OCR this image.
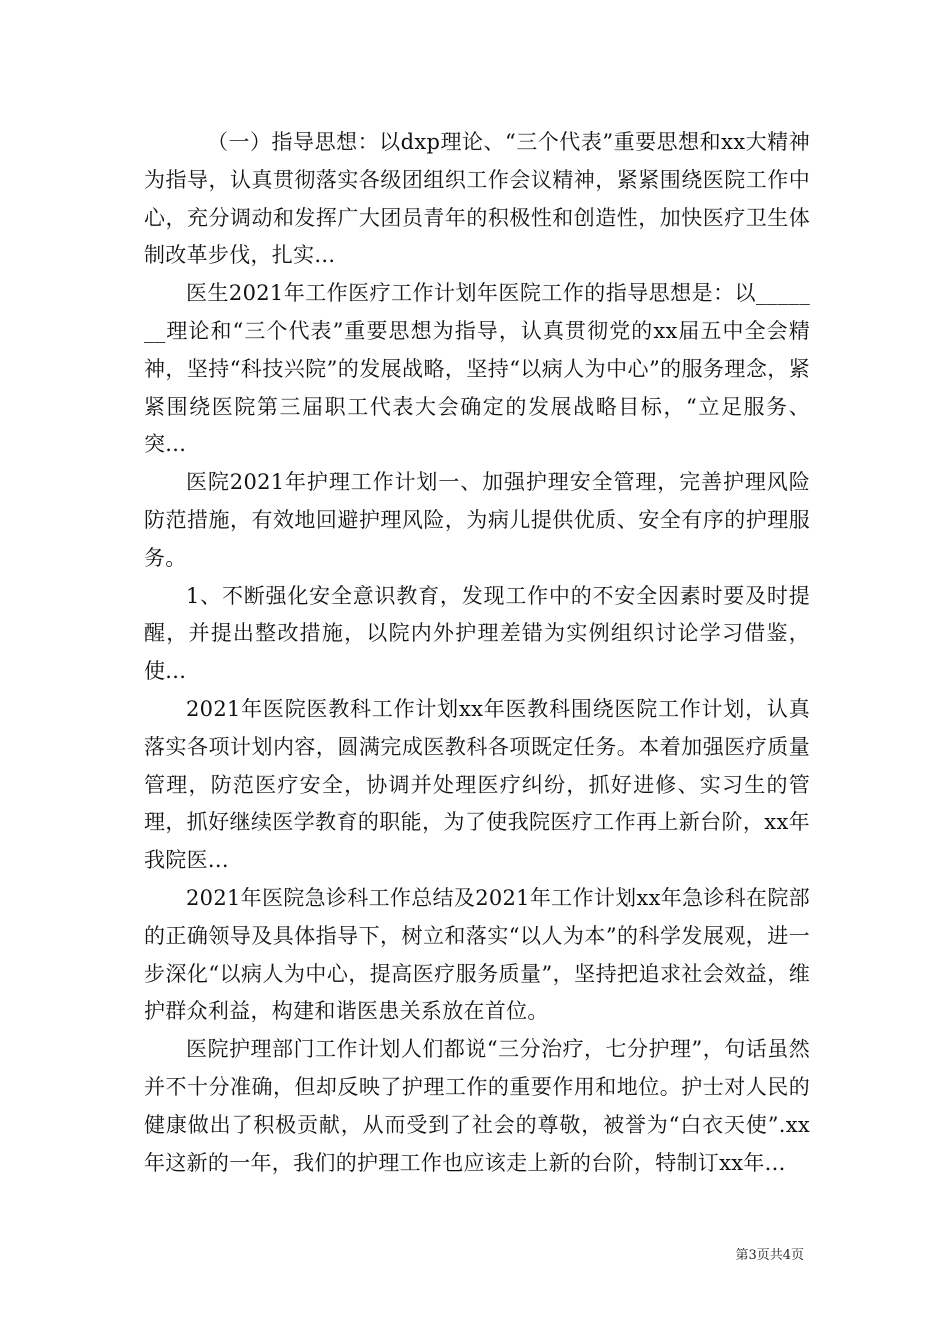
（一）指导思想：以dxp理论、“三个代表”重要思想和xx大精神为指导，认真贯彻落实各级团组织工作会议精神，紧紧围绕医院工作中心，充分调动和发挥广大团员青年的积极性和创造性，加快医疗卫生体制改革步伐，扎实...

医生2021年工作医疗工作计划年医院工作的指导思想是：以_______理论和“三个代表”重要思想为指导，认真贯彻党的xx届五中全会精神，坚持“科技兴院”的发展战略，坚持“以病人为中心”的服务理念，紧紧围绕医院第三届职工代表大会确定的发展战略目标，“立足服务、突...

医院2021年护理工作计划一、加强护理安全管理，完善护理风险防范措施，有效地回避护理风险，为病儿提供优质、安全有序的护理服务。

1、不断强化安全意识教育，发现工作中的不安全因素时要及时提醒，并提出整改措施，以院内外护理差错为实例组织讨论学习借鉴，使...

2021年医院医教科工作计划xx年医教科围绕医院工作计划，认真落实各项计划内容，圆满完成医教科各项既定任务。本着加强医疗质量管理，防范医疗安全，协调并处理医疗纠纷，抓好进修、实习生的管理，抓好继续医学教育的职能，为了使我院医疗工作再上新台阶，xx年我院医...

2021年医院急诊科工作总结及2021年工作计划xx年急诊科在院部的正确领导及具体指导下，树立和落实“以人为本”的科学发展观，进一步深化“以病人为中心，提高医疗服务质量”，坚持把追求社会效益，维护群众利益，构建和谐医患关系放在首位。

医院护理部门工作计划人们都说“三分治疗，七分护理”，句话虽然并不十分准确，但却反映了护理工作的重要作用和地位。护士对人民的健康做出了积极贡献，从而受到了社会的尊敬，被誉为“白衣天使”.xx年这新的一年，我们的护理工作也应该走上新的台阶，特制订xx年...

第3页共4页
